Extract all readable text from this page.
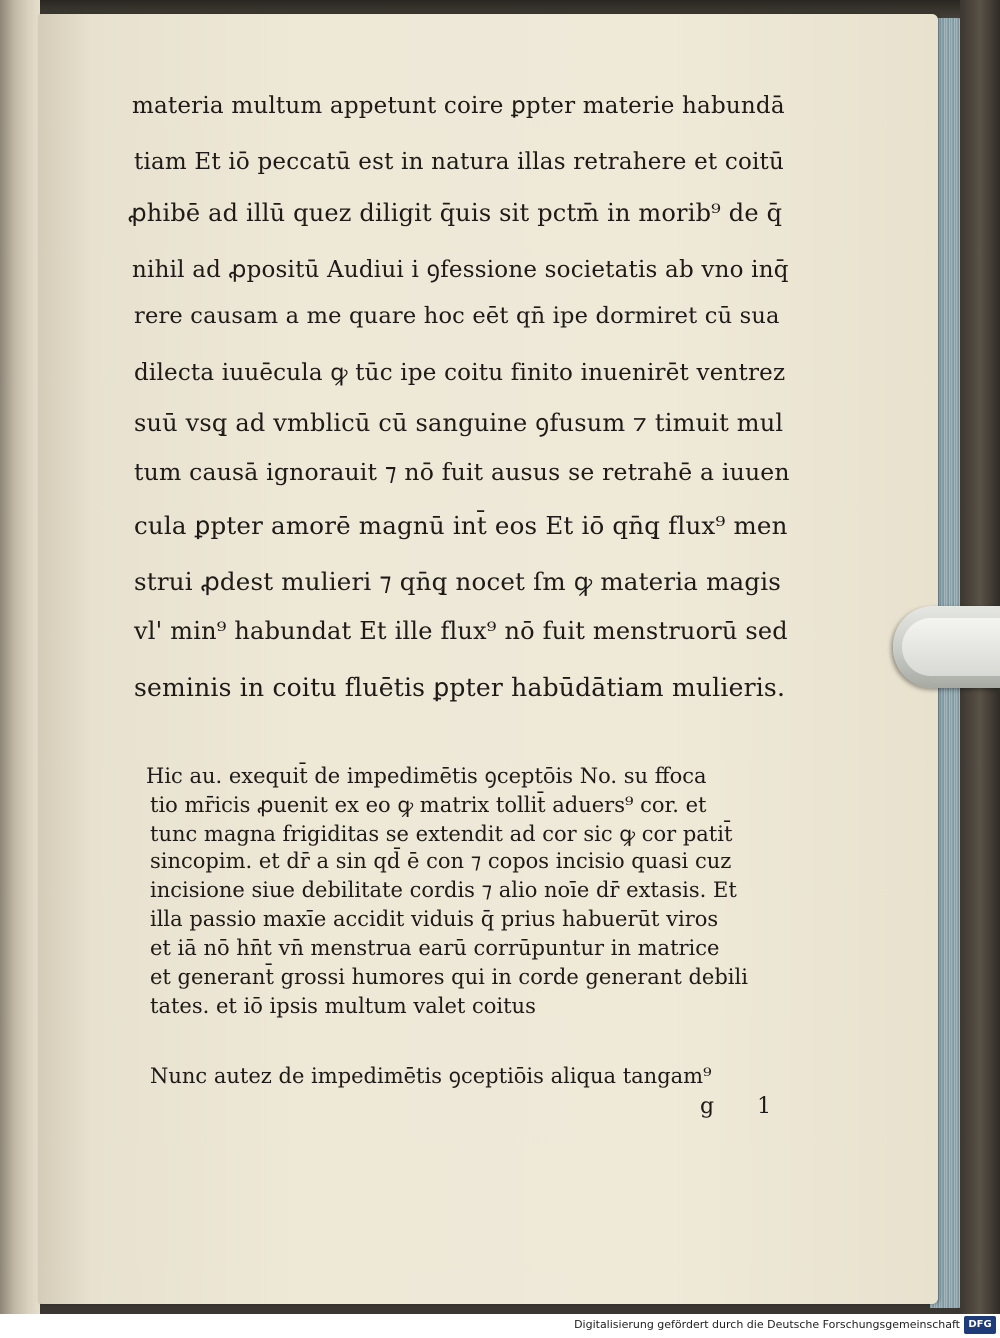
materia multum appetunt coire ꝑpter materie habundā
tiam Et iō peccatū est in natura illas retrahere et coitū
ꝓhibē ad illū quez diligit q̄uis sit pctm̄ in morib⁹ de q̄
nihil ad ꝓpositū Audiui i ꝯfessione societatis ab vno inq̄
rere causam a me quare hoc eēt qn̄ ipe dormiret cū sua
dilecta iuuēcula ꝙ tūc ipe coitu finito inuenirēt ventrez
suū vsq̧ ad vmblicū cū sanguine ꝯfusum ⁊ timuit mul
tum causā ignorauit ⁊ nō fuit ausus se retrahē a iuuen
cula ꝑpter amorē magnū int̄ eos Et iō qn̄q̧ flux⁹ men
strui ꝓdest mulieri ⁊ qn̄q̧ nocet ſm ꝙ materia magis
vl' min⁹ habundat Et ille flux⁹ nō fuit menstruorū sed
seminis in coitu fluētis ꝑpter habūdātiam mulieris.
Hic au. exequit̄ de impedimētis ꝯceptōis No. su ffoca
tio mr̄icis ꝓuenit ex eo ꝙ matrix tollit̄ aduers⁹ cor. et
tunc magna frigiditas se extendit ad cor sic ꝙ cor patit̄
sincopim. et dr̄ a sin qd̄ ē con ⁊ copos incisio quasi cuz
incisione siue debilitate cordis ⁊ alio noīe dr̄ extasis. Et
illa passio maxīe accidit viduis q̄ prius habuerūt viros
et iā nō hn̄t vn̄ menstrua earū corrūpuntur in matrice
et generant̄ grossi humores qui in corde generant debili
tates. et iō ipsis multum valet coitus
Nunc autez de impedimētis ꝯceptiōis aliqua tangam⁹
g 1
Digitalisierung gefördert durch die Deutsche Forschungsgemeinschaft DFG
